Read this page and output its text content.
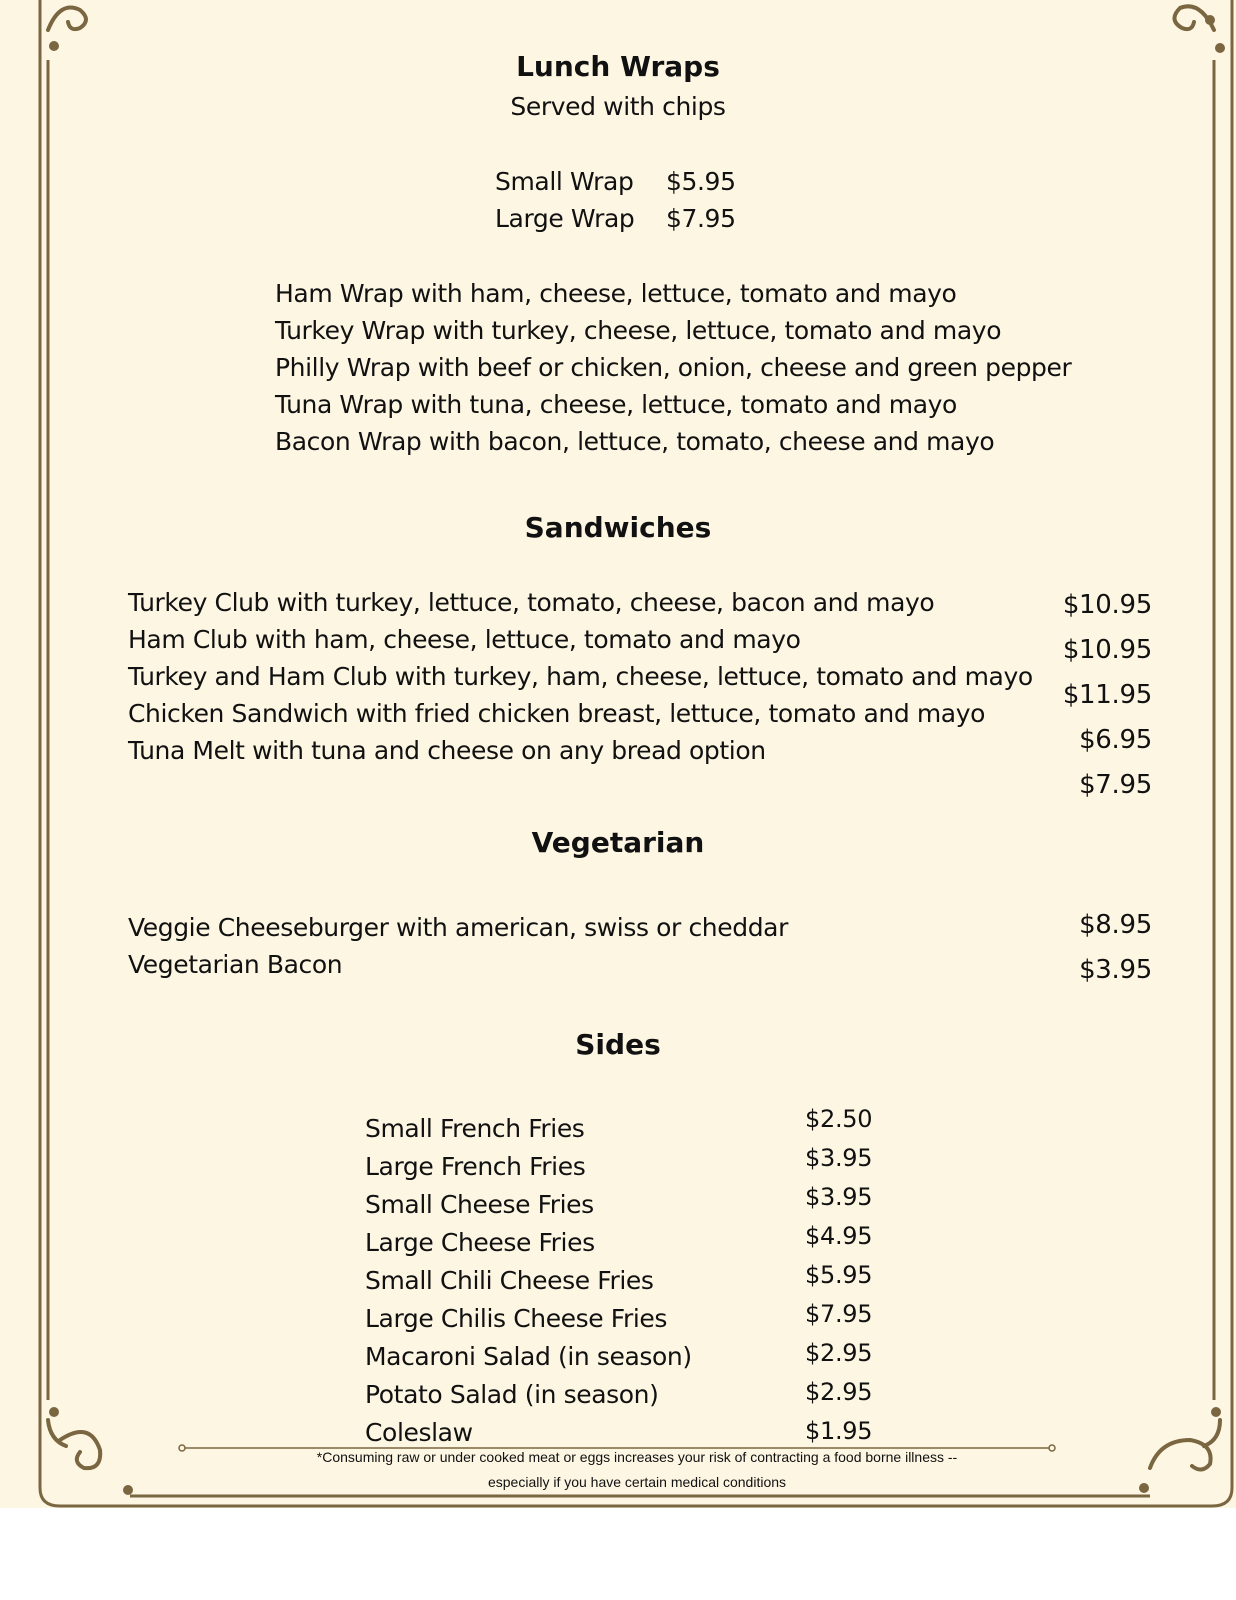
Lunch Wraps
Served with chips
Small Wrap $5.95
Large Wrap $7.95
Ham Wrap with ham, cheese, lettuce, tomato and mayo
Turkey Wrap with turkey, cheese, lettuce, tomato and mayo
Philly Wrap with beef or chicken, onion, cheese and green pepper
Tuna Wrap with tuna, cheese, lettuce, tomato and mayo
Bacon Wrap with bacon, lettuce, tomato, cheese and mayo
Sandwiches
Turkey Club with turkey, lettuce, tomato, cheese, bacon and mayo
Ham Club with ham, cheese, lettuce, tomato and mayo
Turkey and Ham Club with turkey, ham, cheese, lettuce, tomato and mayo
Chicken Sandwich with fried chicken breast, lettuce, tomato and mayo
Tuna Melt with tuna and cheese on any bread option
$10.95
$10.95
$11.95
$6.95
$7.95
Vegetarian
Veggie Cheeseburger with american, swiss or cheddar
Vegetarian Bacon
$8.95
$3.95
Sides
Small French Fries
Large French Fries
Small Cheese Fries
Large Cheese Fries
Small Chili Cheese Fries
Large Chilis Cheese Fries
Macaroni Salad (in season)
Potato Salad (in season)
Coleslaw
$2.50
$3.95
$3.95
$4.95
$5.95
$7.95
$2.95
$2.95
$1.95
*Consuming raw or under cooked meat or eggs increases your risk of contracting a food borne illness --
especially if you have certain medical conditions
